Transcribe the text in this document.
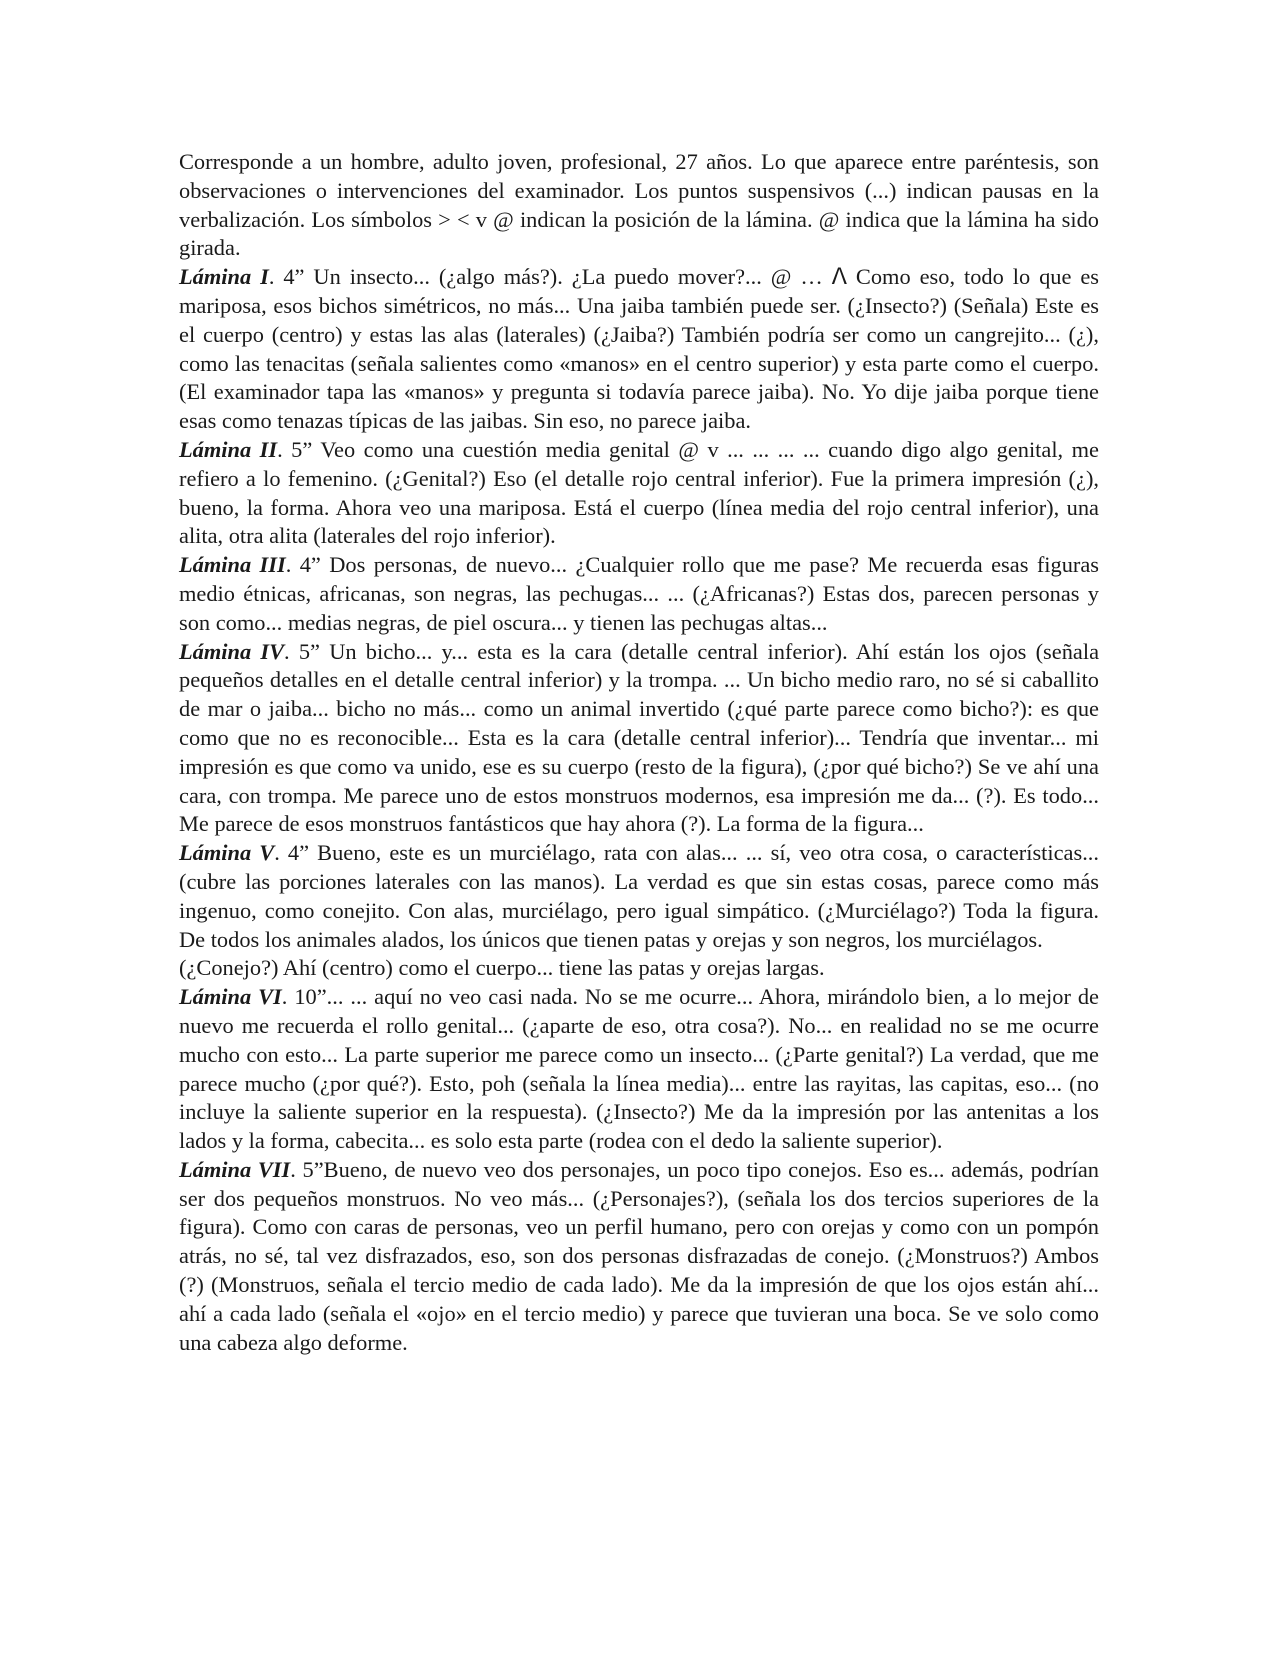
Corresponde a un hombre, adulto joven, profesional, 27 años. Lo que aparece entre paréntesis, son observaciones o intervenciones del examinador. Los puntos suspensivos (...) indican pausas en la verbalización. Los símbolos > < v @ indican la posición de la lámina. @ indica que la lámina ha sido girada.

Lámina I. 4” Un insecto... (¿algo más?). ¿La puedo mover?... @ … ᐱ Como eso, todo lo que es mariposa, esos bichos simétricos, no más... Una jaiba también puede ser. (¿Insecto?) (Señala) Este es el cuerpo (centro) y estas las alas (laterales) (¿Jaiba?) También podría ser como un cangrejito... (¿), como las tenacitas (señala salientes como «manos» en el centro superior) y esta parte como el cuerpo. (El examinador tapa las «manos» y pregunta si todavía parece jaiba). No. Yo dije jaiba porque tiene esas como tenazas típicas de las jaibas. Sin eso, no parece jaiba.

Lámina II. 5” Veo como una cuestión media genital @ v ... ... ... ... cuando digo algo genital, me refiero a lo femenino. (¿Genital?) Eso (el detalle rojo central inferior). Fue la primera impresión (¿), bueno, la forma. Ahora veo una mariposa. Está el cuerpo (línea media del rojo central inferior), una alita, otra alita (laterales del rojo inferior).

Lámina III. 4” Dos personas, de nuevo... ¿Cualquier rollo que me pase? Me recuerda esas figuras medio étnicas, africanas, son negras, las pechugas... ... (¿Africanas?) Estas dos, parecen personas y son como... medias negras, de piel oscura... y tienen las pechugas altas...

Lámina IV. 5” Un bicho... y... esta es la cara (detalle central inferior). Ahí están los ojos (señala pequeños detalles en el detalle central inferior) y la trompa. ... Un bicho medio raro, no sé si caballito de mar o jaiba... bicho no más... como un animal invertido (¿qué parte parece como bicho?): es que como que no es reconocible... Esta es la cara (detalle central inferior)... Tendría que inventar... mi impresión es que como va unido, ese es su cuerpo (resto de la figura), (¿por qué bicho?) Se ve ahí una cara, con trompa. Me parece uno de estos monstruos modernos, esa impresión me da... (?). Es todo... Me parece de esos monstruos fantásticos que hay ahora (?). La forma de la figura...

Lámina V. 4” Bueno, este es un murciélago, rata con alas... ... sí, veo otra cosa, o características... (cubre las porciones laterales con las manos). La verdad es que sin estas cosas, parece como más ingenuo, como conejito. Con alas, murciélago, pero igual simpático. (¿Murciélago?) Toda la figura. De todos los animales alados, los únicos que tienen patas y orejas y son negros, los murciélagos.

(¿Conejo?) Ahí (centro) como el cuerpo... tiene las patas y orejas largas.

Lámina VI. 10”... ... aquí no veo casi nada. No se me ocurre... Ahora, mirándolo bien, a lo mejor de nuevo me recuerda el rollo genital... (¿aparte de eso, otra cosa?). No... en realidad no se me ocurre mucho con esto... La parte superior me parece como un insecto... (¿Parte genital?) La verdad, que me parece mucho (¿por qué?). Esto, poh (señala la línea media)... entre las rayitas, las capitas, eso... (no incluye la saliente superior en la respuesta). (¿Insecto?) Me da la impresión por las antenitas a los lados y la forma, cabecita... es solo esta parte (rodea con el dedo la saliente superior).

Lámina VII. 5”Bueno, de nuevo veo dos personajes, un poco tipo conejos. Eso es... además, podrían ser dos pequeños monstruos. No veo más... (¿Personajes?), (señala los dos tercios superiores de la figura). Como con caras de personas, veo un perfil humano, pero con orejas y como con un pompón atrás, no sé, tal vez disfrazados, eso, son dos personas disfrazadas de conejo. (¿Monstruos?) Ambos (?) (Monstruos, señala el tercio medio de cada lado). Me da la impresión de que los ojos están ahí... ahí a cada lado (señala el «ojo» en el tercio medio) y parece que tuvieran una boca. Se ve solo como una cabeza algo deforme.
